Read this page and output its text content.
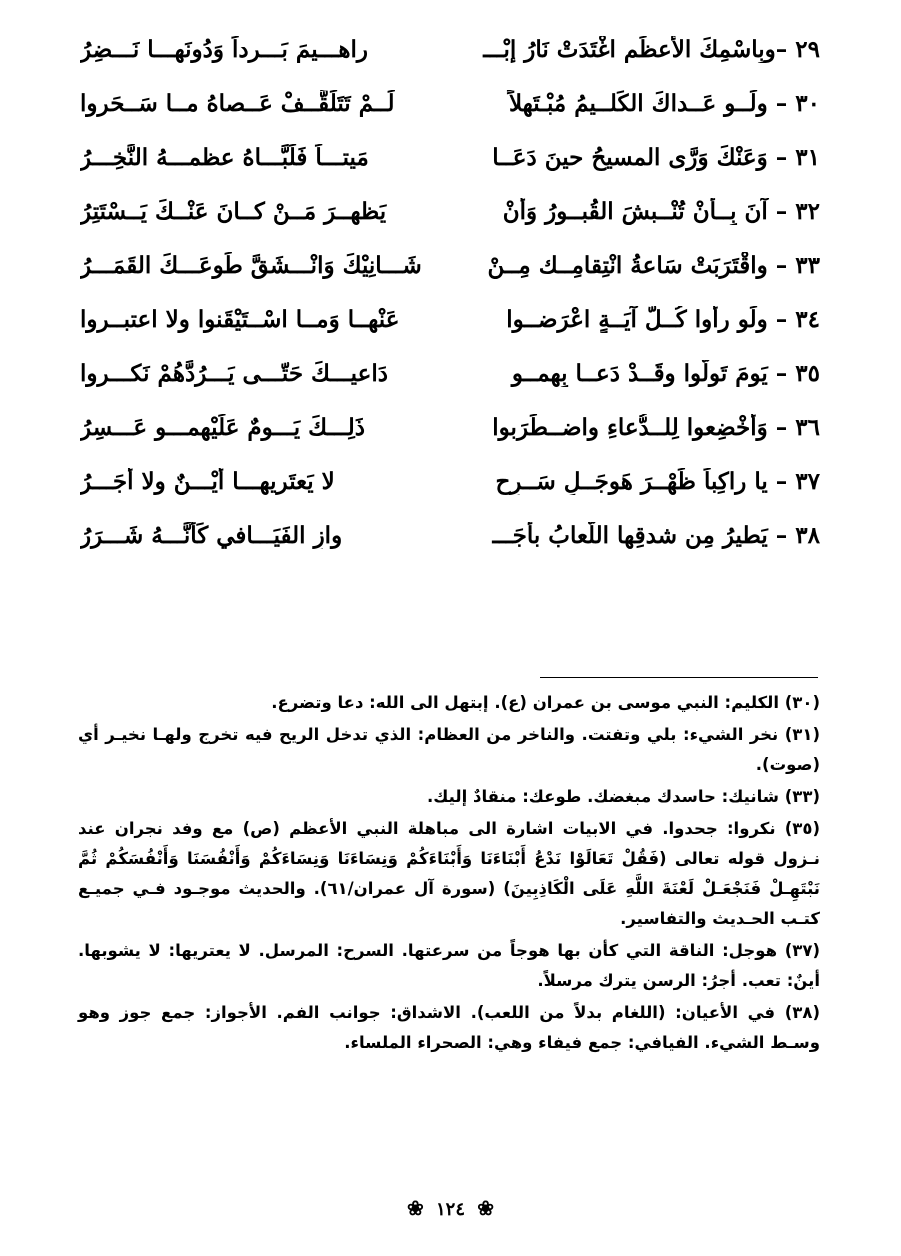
٢٩ –وبِاسْمِكَ الأعظَمِ اغْتَدَتْ نَارُ إبْـــ
راهـــيمَ بَـــرداً وَدُونَهـــا نَـــضِرُ
٣٠ – ولَــو عَــداكَ الكَلــيمُ مُبْـتَهلاً
لَــمْ تَتَلَقَّــفْ عَــصاهُ مــا سَــحَروا
٣١ – وَعَنْكَ وَرَّى المسيحُ حينَ دَعَــا
مَيتـــاً فَلَبَّـــاهُ عظمـــهُ النَّخِـــرُ
٣٢ – آنَ بِــأنْ تُنْــبشَ القُبــورُ وَأنْ
يَظهــرَ مَــنْ كــانَ عَنْــكَ يَــسْتَتِرُ
٣٣ – واقْتَرَبَتْ سَاعةُ انْتِقامِــك مِــنْ
شَـــانِيْكَ وَانْـــشَقَّ طَوعَـــكَ القَمَـــرُ
٣٤ – ولَو رأوا كُــلَّ آيَــةٍ اعْرَضــوا
عَنْهــا وَمــا اسْــتَيْقَنوا ولا اعتبــروا
٣٥ – يَومَ تَولَّوا وقَــدْ دَعــا بِهِمــو
دَاعيـــكَ حَتّـــى يَـــرُدَّهُمْ نَكـــروا
٣٦ – وَأُخْضِعوا لِلــدُّعاءِ واضــطَرَبوا
ذَلِـــكَ يَـــومٌ عَلَيْهمـــو عَـــسِرُ
٣٧ – يا راكِباً ظَهْــرَ هَوجَــلٍ سَــرِحٍ
لا يَعتَريهـــا أَيْـــنٌ ولا أَجَـــرُ
٣٨ – يَطيرُ مِن شدقِها اللُّعابُ بأجَـــ
وازِ الفَيَـــافي كَأنَّـــهُ شَـــرَرُ

(٣٠) الكليم: النبي موسى بن عمران (ع). إبتهل الى الله: دعا وتضرع.

(٣١) نخر الشيء: بلي وتفتت. والناخر من العظام: الذي تدخل الريح فيه تخرج ولهـا نخيـر أي (صوت).

(٣٣) شانيك: حاسدك مبغضك. طوعك: منقادٌ إليك.

(٣٥) نكروا: جحدوا. في الابيات اشارة الى مباهلة النبي الأعظم (ص) مع وفد نجران عند نـزول قوله تعالى (فَقُلْ تَعَالَوْا نَدْعُ أَبْنَاءَنَا وَأَبْنَاءَكُمْ وَنِسَاءَنَا وَنِسَاءَكُمْ وَأَنْفُسَنَا وَأَنْفُسَكُمْ ثُمَّ نَبْتَهِـلْ فَنَجْعَـلْ لَعْنَةَ اللَّهِ عَلَى الْكَاذِبِينَ) (سورة آل عمران/٦١). والحديث موجـود فـي جميـع كتـب الحـديث والتفاسير.

(٣٧) هوجل: الناقة التي كأن بها هوجاً من سرعتها. السرح: المرسل. لا يعتريها: لا يشوبها. أينٌ: تعب. أجرُ: الرسن يترك مرسلاً.

(٣٨) في الأعيان: (اللغام بدلاً من اللعب). الاشداق: جوانب الفم. الأجواز: جمع جوز وهو وسـط الشيء. الفيافي: جمع فيفاء وهي: الصحراء الملساء.

❀ ١٢٤ ❀
